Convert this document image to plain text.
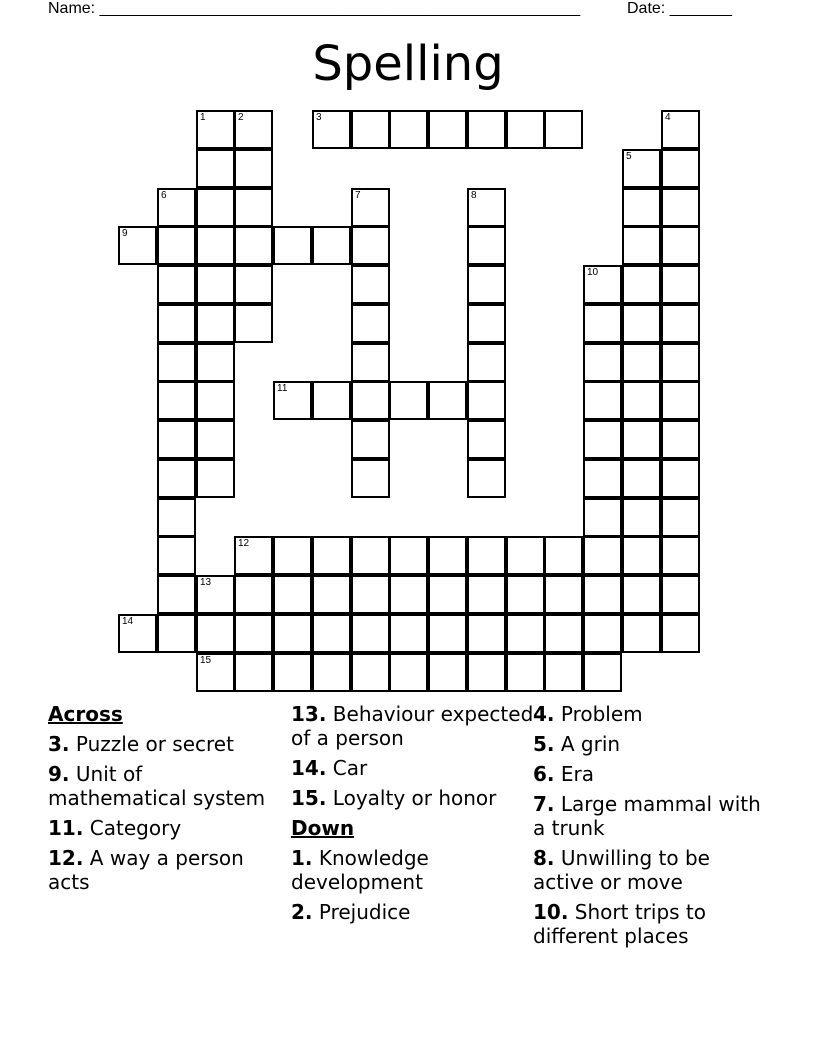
Name: ______________________________________________________	Date: _______
Spelling
1	2	3	4
5
6	7	8
9
10
11
12
13
14
15
Across
3. Puzzle or secret
9. Unit of mathematical system
11. Category
12. A way a person acts
13. Behaviour expected of a person
14. Car
15. Loyalty or honor
Down
1. Knowledge development
2. Prejudice
4. Problem
5. A grin
6. Era
7. Large mammal with a trunk
8. Unwilling to be active or move
10. Short trips to different places
